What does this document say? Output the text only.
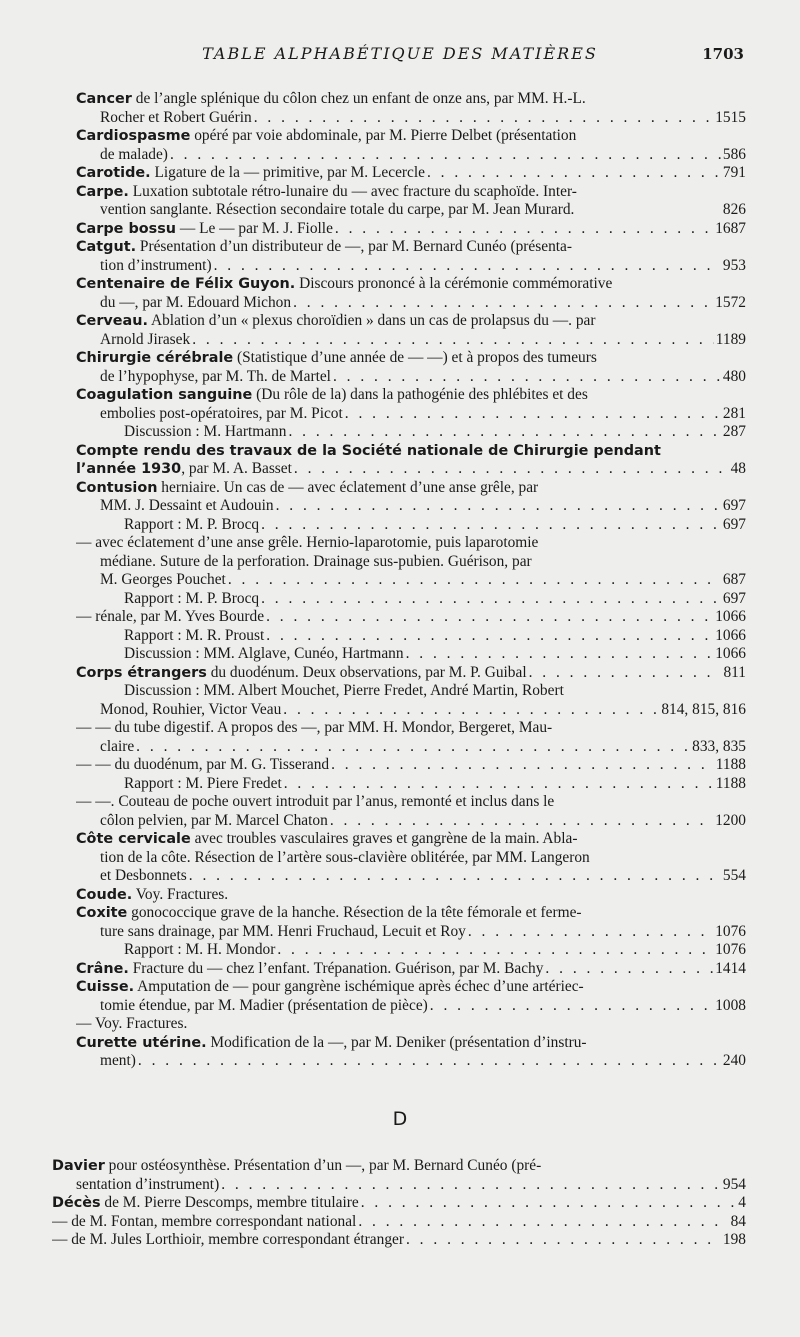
TABLE ALPHABÉTIQUE DES MATIÈRES	1703
Cancer de l’angle splénique du côlon chez un enfant de onze ans, par MM. H.-L.
Rocher et Robert Guérin . . .	1515
Cardiospasme opéré par voie abdominale, par M. Pierre Delbet (présentation
de malade) . . .	586
Carotide. Ligature de la — primitive, par M. Lecercle . . .	791
Carpe. Luxation subtotale rétro-lunaire du — avec fracture du scaphoïde. Inter-
vention sanglante. Résection secondaire totale du carpe, par M. Jean Murard.	826
Carpe bossu — Le — par M. J. Fiolle . . .	1687
Catgut. Présentation d’un distributeur de —, par M. Bernard Cunéo (présenta-
tion d’instrument) . . .	953
Centenaire de Félix Guyon. Discours prononcé à la cérémonie commémorative
du —, par M. Edouard Michon . . .	1572
Cerveau. Ablation d’un « plexus choroïdien » dans un cas de prolapsus du —. par
Arnold Jirasek . . .	1189
Chirurgie cérébrale (Statistique d’une année de — —) et à propos des tumeurs
de l’hypophyse, par M. Th. de Martel . . .	480
Coagulation sanguine (Du rôle de la) dans la pathogénie des phlébites et des
embolies post-opératoires, par M. Picot . . .	281
Discussion : M. Hartmann . . .	287
Compte rendu des travaux de la Société nationale de Chirurgie pendant
l’année 1930 , par M. A. Basset . . .	48
Contusion herniaire. Un cas de — avec éclatement d’une anse grêle, par
MM. J. Dessaint et Audouin . . .	697
Rapport : M. P. Brocq . . .	697
— avec éclatement d’une anse grêle. Hernio-laparotomie, puis laparotomie
médiane. Suture de la perforation. Drainage sus-pubien. Guérison, par
M. Georges Pouchet . . .	687
Rapport : M. P. Brocq . . .	697
— rénale, par M. Yves Bourde . . .	1066
Rapport : M. R. Proust . . .	1066
Discussion : MM. Alglave, Cunéo, Hartmann . . .	1066
Corps étrangers du duodénum. Deux observations, par M. P. Guibal . . .	811
Discussion : MM. Albert Mouchet, Pierre Fredet, André Martin, Robert
Monod, Rouhier, Victor Veau . . .	814, 815, 816
— — du tube digestif. A propos des —, par MM. H. Mondor, Bergeret, Mau-
claire . . .	833, 835
— — du duodénum, par M. G. Tisserand . . .	1188
Rapport : M. Piere Fredet . . .	1188
— —. Couteau de poche ouvert introduit par l’anus, remonté et inclus dans le
côlon pelvien, par M. Marcel Chaton . . .	1200
Côte cervicale avec troubles vasculaires graves et gangrène de la main. Abla-
tion de la côte. Résection de l’artère sous-clavière oblitérée, par MM. Langeron
et Desbonnets . . .	554
Coude. Voy. Fractures.
Coxite gonococcique grave de la hanche. Résection de la tête fémorale et ferme-
ture sans drainage, par MM. Henri Fruchaud, Lecuit et Roy . . .	1076
Rapport : M. H. Mondor . . .	1076
Crâne. Fracture du — chez l’enfant. Trépanation. Guérison, par M. Bachy . . .	1414
Cuisse. Amputation de — pour gangrène ischémique après échec d’une artériec-
tomie étendue, par M. Madier (présentation de pièce) . . .	1008
— Voy. Fractures.
Curette utérine. Modification de la —, par M. Deniker (présentation d’instru-
ment) . . .	240
D
Davier pour ostéosynthèse. Présentation d’un —, par M. Bernard Cunéo (pré-
sentation d’instrument) . . .	954
Décès de M. Pierre Descomps, membre titulaire . . .	4
— de M. Fontan, membre correspondant national . . .	84
— de M. Jules Lorthioir, membre correspondant étranger . . .	198
